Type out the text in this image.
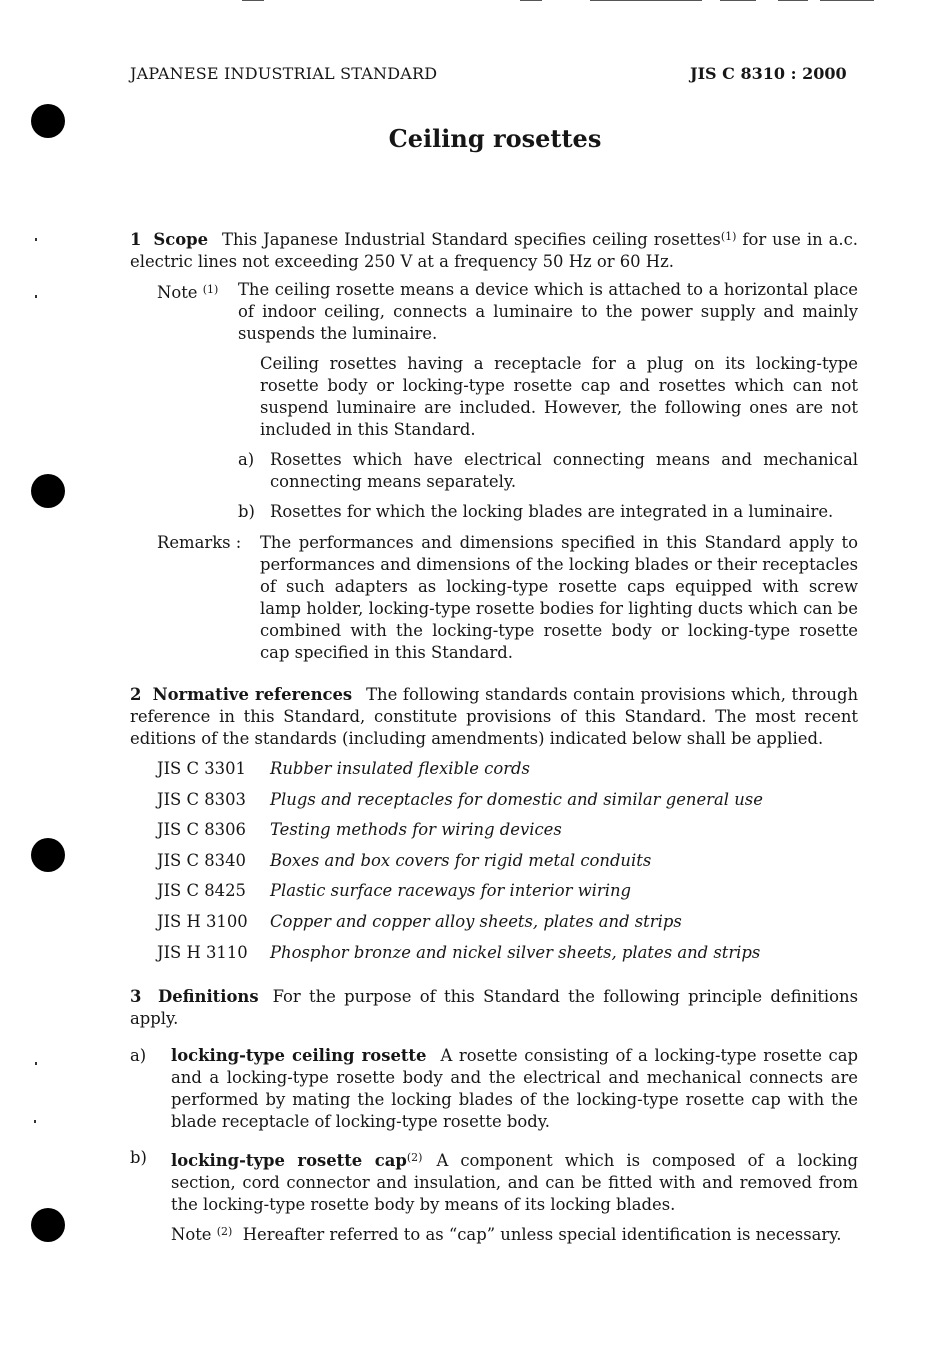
JAPANESE INDUSTRIAL STANDARD	JIS C 8310 : 2000
Ceiling rosettes
1 Scope This Japanese Industrial Standard specifies ceiling rosettes$^{(1)}$ for use in a.c. electric lines not exceeding 250 V at a frequency 50 Hz or 60 Hz.
Note $^{(1)}$ The ceiling rosette means a device which is attached to a horizontal place of indoor ceiling, connects a luminaire to the power supply and mainly suspends the luminaire.
Ceiling rosettes having a receptacle for a plug on its locking-type rosette body or locking-type rosette cap and rosettes which can not suspend luminaire are included. However, the following ones are not included in this Standard.
a) Rosettes which have electrical connecting means and mechanical connecting means separately.
b) Rosettes for which the locking blades are integrated in a luminaire.
Remarks : The performances and dimensions specified in this Standard apply to performances and dimensions of the locking blades or their receptacles of such adapters as locking-type rosette caps equipped with screw lamp holder, locking-type rosette bodies for lighting ducts which can be combined with the locking-type rosette body or locking-type rosette cap specified in this Standard.
2 Normative references The following standards contain provisions which, through reference in this Standard, constitute provisions of this Standard. The most recent editions of the standards (including amendments) indicated below shall be applied.
JIS C 3301 Rubber insulated flexible cords
JIS C 8303 Plugs and receptacles for domestic and similar general use
JIS C 8306 Testing methods for wiring devices
JIS C 8340 Boxes and box covers for rigid metal conduits
JIS C 8425 Plastic surface raceways for interior wiring
JIS H 3100 Copper and copper alloy sheets, plates and strips
JIS H 3110 Phosphor bronze and nickel silver sheets, plates and strips
3 Definitions For the purpose of this Standard the following principle definitions apply.
a) locking-type ceiling rosette A rosette consisting of a locking-type rosette cap and a locking-type rosette body and the electrical and mechanical connects are performed by mating the locking blades of the locking-type rosette cap with the blade receptacle of locking-type rosette body.
b) locking-type rosette cap$^{(2)}$ A component which is composed of a locking section, cord connector and insulation, and can be fitted with and removed from the locking-type rosette body by means of its locking blades.
Note $^{(2)}$ Hereafter referred to as “cap” unless special identification is necessary.
